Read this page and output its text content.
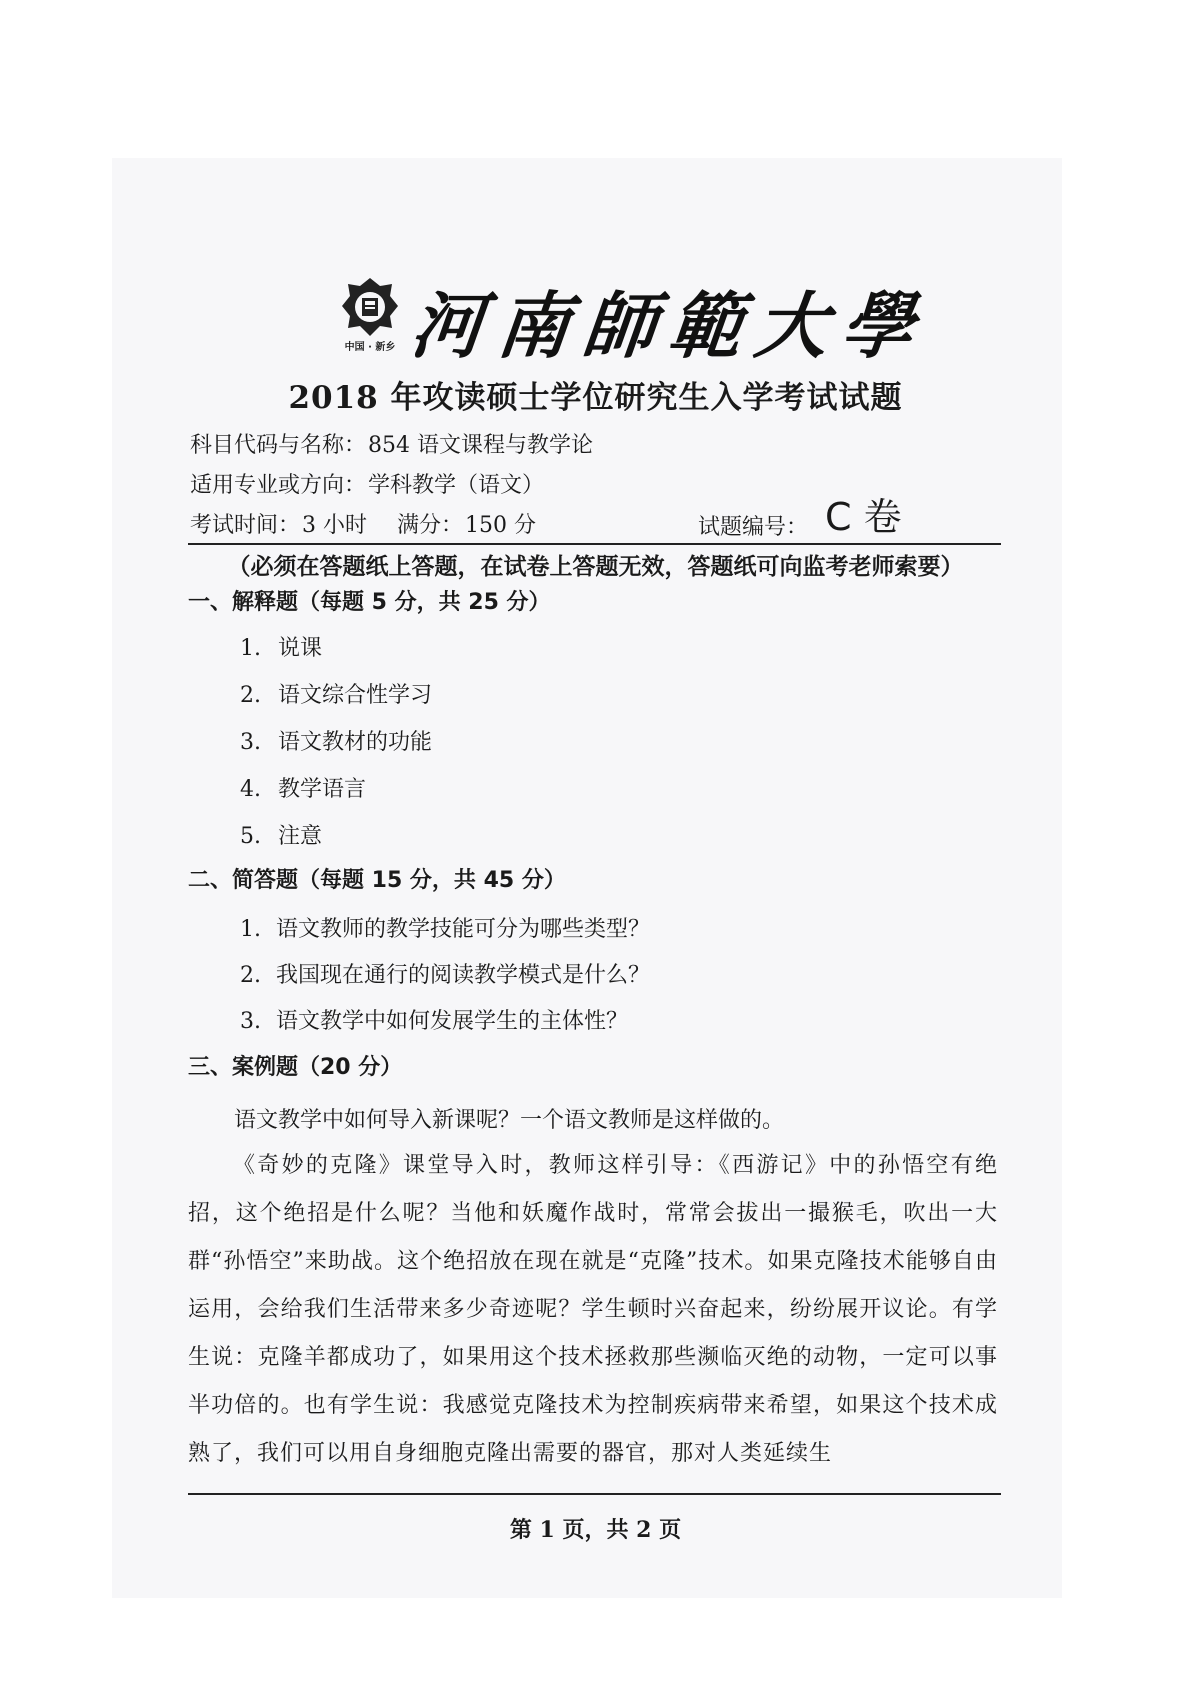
中国 · 新乡 河南師範大學
2018 年攻读硕士学位研究生入学考试试题
科目代码与名称：854 语文课程与教学论
适用专业或方向：学科教学（语文）
考试时间：3 小时 满分：150 分	试题编号： C 卷
（必须在答题纸上答题，在试卷上答题无效，答题纸可向监考老师索要）
一、解释题（每题 5 分，共 25 分）
1. 说课
2. 语文综合性学习
3. 语文教材的功能
4. 教学语言
5. 注意
二、简答题（每题 15 分，共 45 分）
1. 语文教师的教学技能可分为哪些类型？
2. 我国现在通行的阅读教学模式是什么？
3. 语文教学中如何发展学生的主体性？
三、案例题（20 分）
语文教学中如何导入新课呢？一个语文教师是这样做的。
《奇妙的克隆》课堂导入时，教师这样引导：《西游记》中的孙悟空有绝招，这个绝招是什么呢？当他和妖魔作战时，常常会拔出一撮猴毛，吹出一大群“孙悟空”来助战。这个绝招放在现在就是“克隆”技术。如果克隆技术能够自由运用，会给我们生活带来多少奇迹呢？学生顿时兴奋起来，纷纷展开议论。有学生说：克隆羊都成功了，如果用这个技术拯救那些濒临灭绝的动物，一定可以事半功倍的。也有学生说：我感觉克隆技术为控制疾病带来希望，如果这个技术成熟了，我们可以用自身细胞克隆出需要的器官，那对人类延续生
第 1 页，共 2 页
